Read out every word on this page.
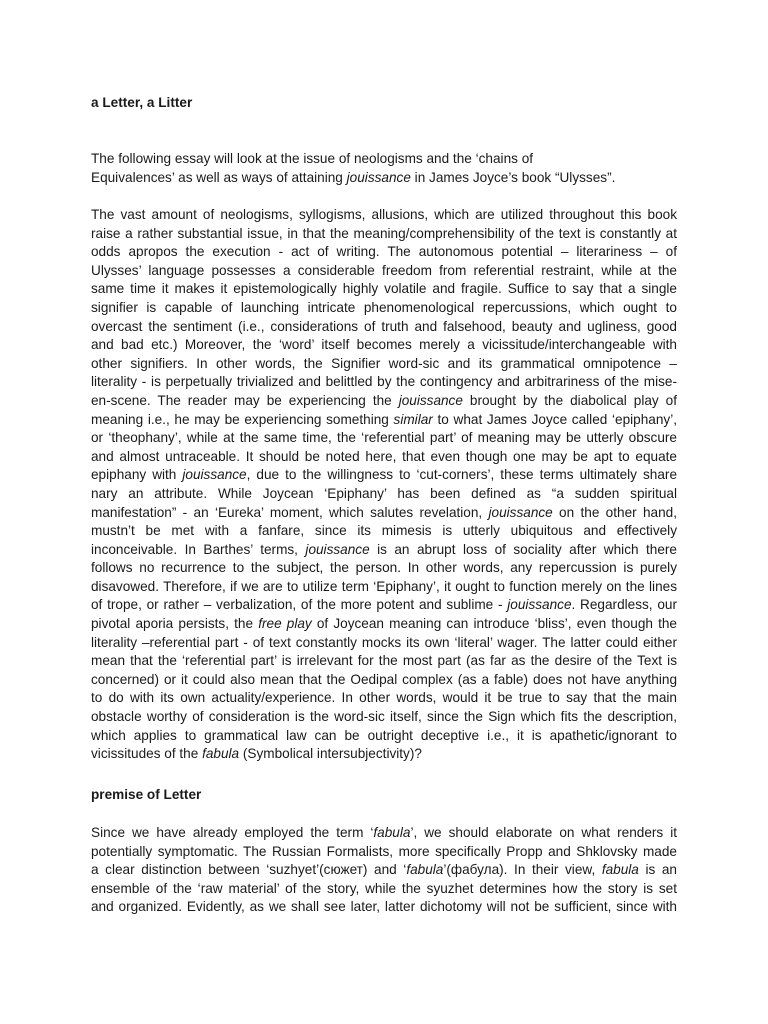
a Letter, a Litter

The following essay will look at the issue of neologisms and the ‘chains of
Equivalences’ as well as ways of attaining jouissance in James Joyce’s book “Ulysses”.

The vast amount of neologisms, syllogisms, allusions, which are utilized throughout this book
raise a rather substantial issue, in that the meaning/comprehensibility of the text is constantly at
odds apropos the execution - act of writing. The autonomous potential – literariness – of
Ulysses’ language possesses a considerable freedom from referential restraint, while at the
same time it makes it epistemologically highly volatile and fragile. Suffice to say that a single
signifier is capable of launching intricate phenomenological repercussions, which ought to
overcast the sentiment (i.e., considerations of truth and falsehood, beauty and ugliness, good
and bad etc.) Moreover, the ‘word’ itself becomes merely a vicissitude/interchangeable with
other signifiers. In other words, the Signifier word-sic and its grammatical omnipotence –
literality - is perpetually trivialized and belittled by the contingency and arbitrariness of the mise-
en-scene. The reader may be experiencing the jouissance brought by the diabolical play of
meaning i.e., he may be experiencing something similar to what James Joyce called ‘epiphany’,
or ‘theophany’, while at the same time, the ‘referential part’ of meaning may be utterly obscure
and almost untraceable. It should be noted here, that even though one may be apt to equate
epiphany with jouissance, due to the willingness to ‘cut-corners’, these terms ultimately share
nary an attribute. While Joycean ‘Epiphany’ has been defined as “a sudden spiritual
manifestation” - an ‘Eureka’ moment, which salutes revelation, jouissance on the other hand,
mustn’t be met with a fanfare, since its mimesis is utterly ubiquitous and effectively
inconceivable. In Barthes’ terms, jouissance is an abrupt loss of sociality after which there
follows no recurrence to the subject, the person. In other words, any repercussion is purely
disavowed. Therefore, if we are to utilize term ‘Epiphany’, it ought to function merely on the lines
of trope, or rather – verbalization, of the more potent and sublime - jouissance. Regardless, our
pivotal aporia persists, the free play of Joycean meaning can introduce ‘bliss’, even though the
literality –referential part - of text constantly mocks its own ‘literal’ wager. The latter could either
mean that the ‘referential part’ is irrelevant for the most part (as far as the desire of the Text is
concerned) or it could also mean that the Oedipal complex (as a fable) does not have anything
to do with its own actuality/experience. In other words, would it be true to say that the main
obstacle worthy of consideration is the word-sic itself, since the Sign which fits the description,
which applies to grammatical law can be outright deceptive i.e., it is apathetic/ignorant to
vicissitudes of the fabula (Symbolical intersubjectivity)?

premise of Letter

Since we have already employed the term ‘fabula’, we should elaborate on what renders it
potentially symptomatic. The Russian Formalists, more specifically Propp and Shklovsky made
a clear distinction between ‘suzhyet’(сюжет) and ‘fabula’(фабула). In their view, fabula is an
ensemble of the ‘raw material’ of the story, while the syuzhet determines how the story is set
and organized. Evidently, as we shall see later, latter dichotomy will not be sufficient, since with
